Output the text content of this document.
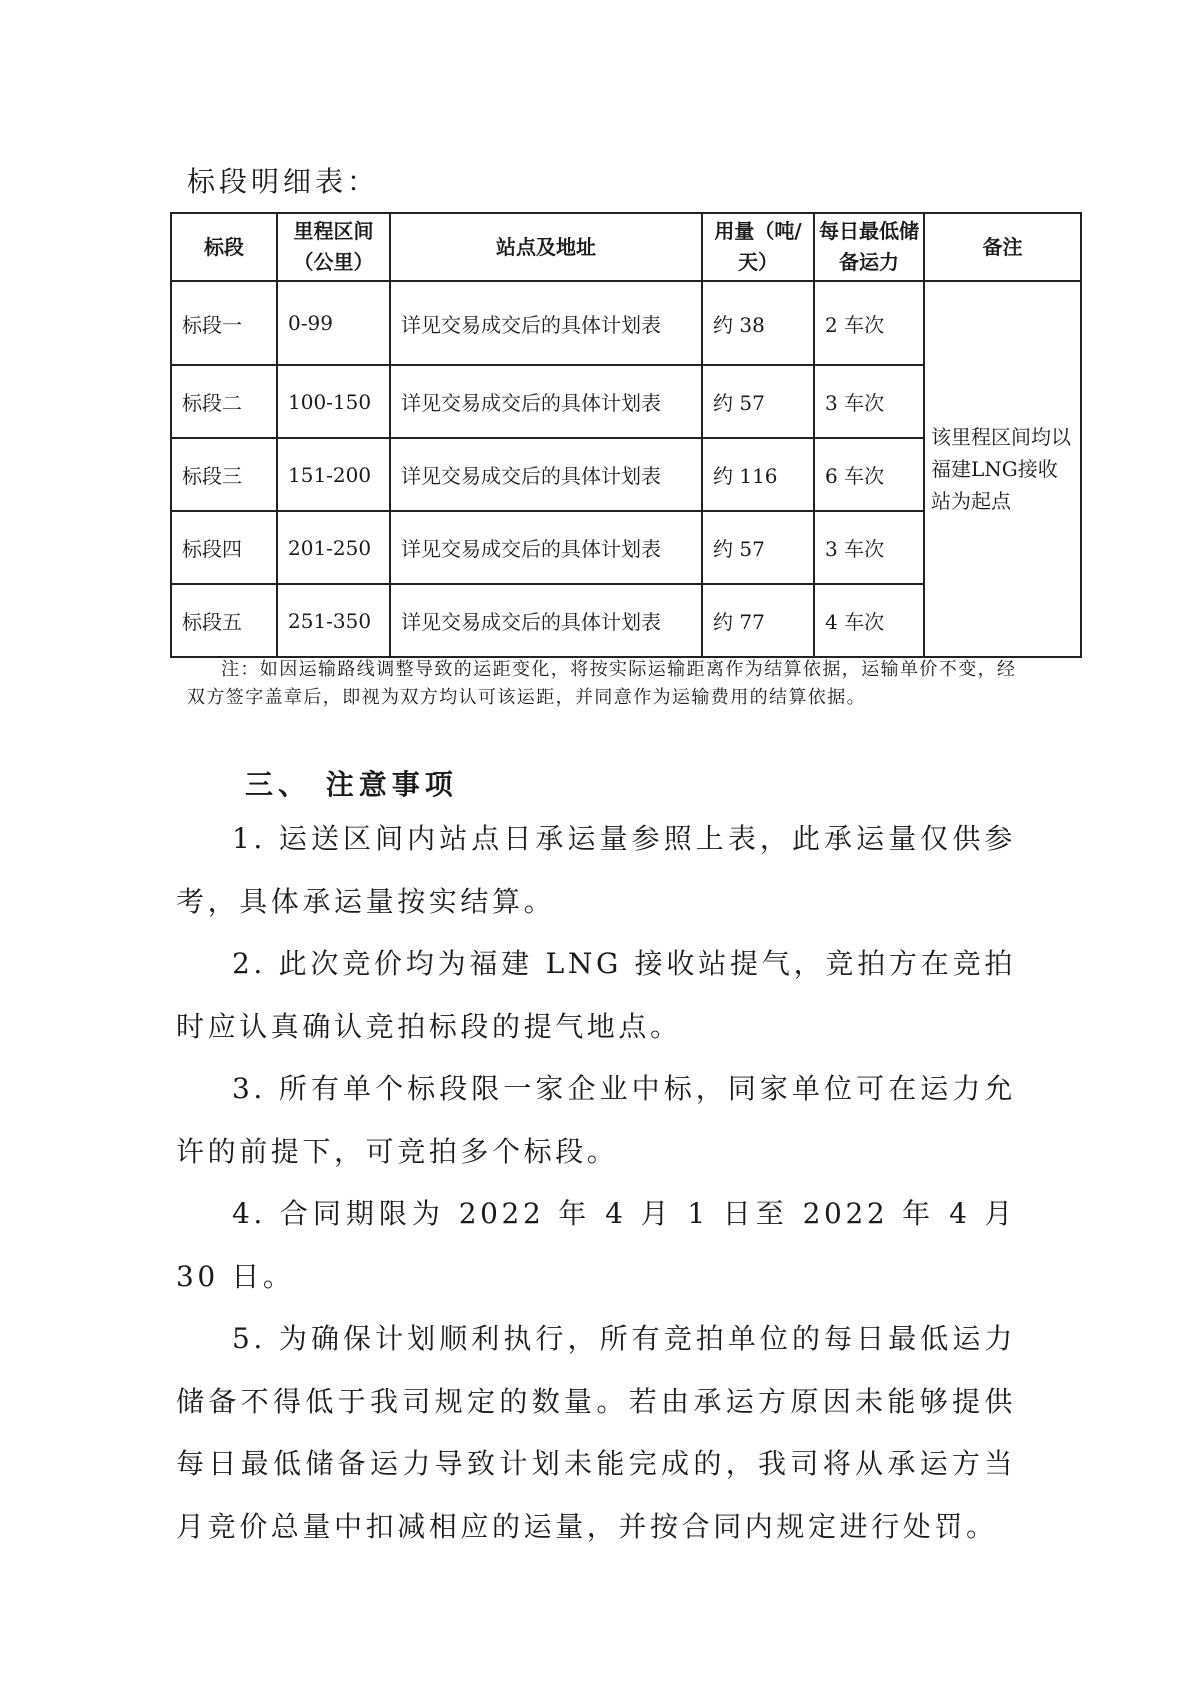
标段明细表：
标段	里程区间（公里）	站点及地址	用量（吨/天）	每日最低储备运力	备注
标段一	0-99	详见交易成交后的具体计划表	约 38	2 车次	该里程区间均以福建LNG接收站为起点
标段二	100-150	详见交易成交后的具体计划表	约 57	3 车次	
标段三	151-200	详见交易成交后的具体计划表	约 116	6 车次	
标段四	201-250	详见交易成交后的具体计划表	约 57	3 车次	
标段五	251-350	详见交易成交后的具体计划表	约 77	4 车次	
注：如因运输路线调整导致的运距变化，将按实际运输距离作为结算依据，运输单价不变，经双方签字盖章后，即视为双方均认可该运距，并同意作为运输费用的结算依据。
三、 注意事项

1. 运送区间内站点日承运量参照上表，此承运量仅供参考，具体承运量按实结算。

2. 此次竞价均为福建 LNG 接收站提气，竞拍方在竞拍时应认真确认竞拍标段的提气地点。

3. 所有单个标段限一家企业中标，同家单位可在运力允许的前提下，可竞拍多个标段。

4. 合同期限为 2022 年 4 月 1 日至 2022 年 4 月 30 日。

5. 为确保计划顺利执行，所有竞拍单位的每日最低运力储备不得低于我司规定的数量。若由承运方原因未能够提供每日最低储备运力导致计划未能完成的，我司将从承运方当月竞价总量中扣减相应的运量，并按合同内规定进行处罚。
